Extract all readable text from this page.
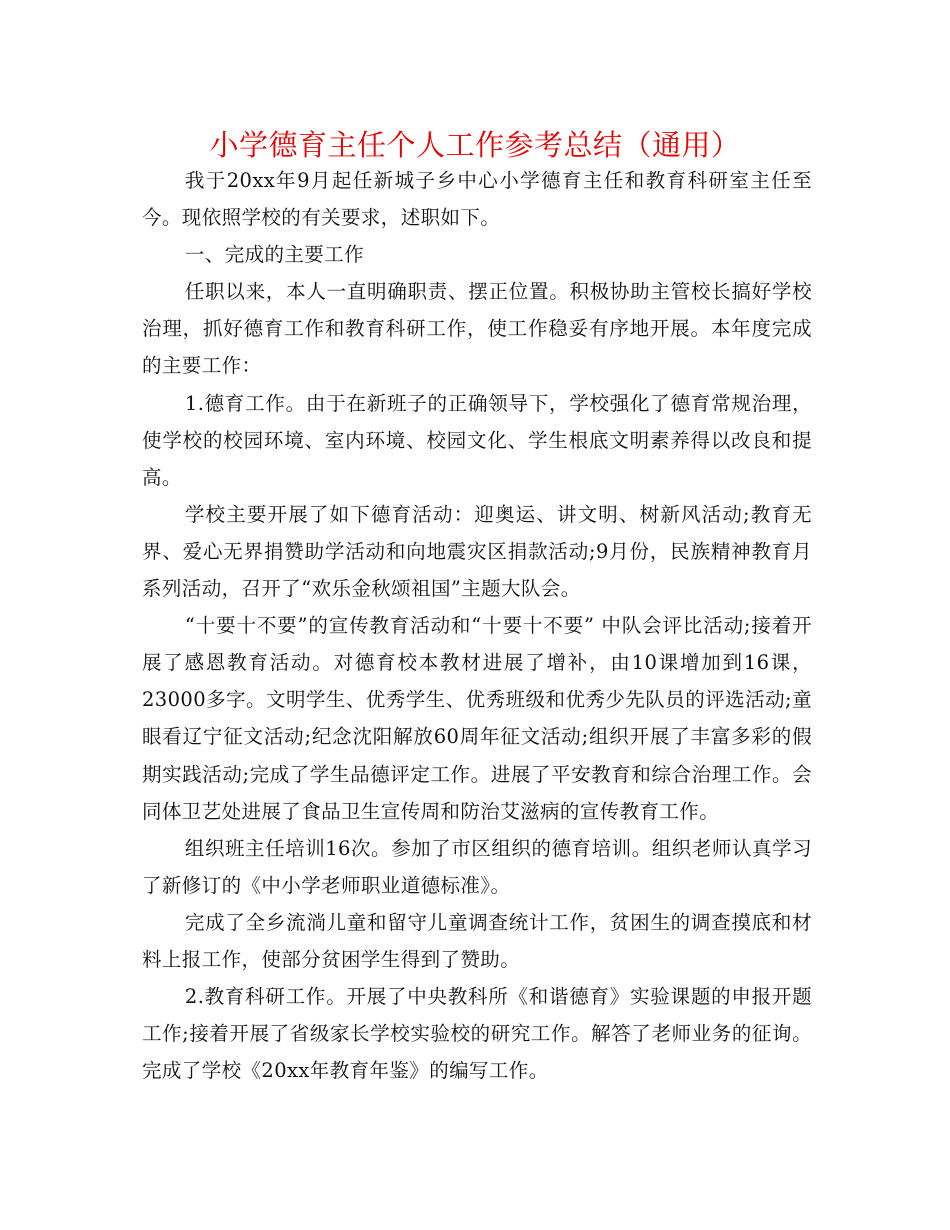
小学德育主任个人工作参考总结（通用）

我于20xx年9月起任新城子乡中心小学德育主任和教育科研室主任至今。现依照学校的有关要求，述职如下。

一、完成的主要工作

任职以来，本人一直明确职责、摆正位置。积极协助主管校长搞好学校治理，抓好德育工作和教育科研工作，使工作稳妥有序地开展。本年度完成的主要工作：

1.德育工作。由于在新班子的正确领导下，学校强化了德育常规治理，使学校的校园环境、室内环境、校园文化、学生根底文明素养得以改良和提高。

学校主要开展了如下德育活动：迎奥运、讲文明、树新风活动;教育无界、爱心无界捐赞助学活动和向地震灾区捐款活动;9月份，民族精神教育月系列活动，召开了“欢乐金秋颂祖国”主题大队会。

“十要十不要”的宣传教育活动和“十要十不要” 中队会评比活动;接着开展了感恩教育活动。对德育校本教材进展了增补，由10课增加到16课，23000多字。文明学生、优秀学生、优秀班级和优秀少先队员的评选活动;童眼看辽宁征文活动;纪念沈阳解放60周年征文活动;组织开展了丰富多彩的假期实践活动;完成了学生品德评定工作。进展了平安教育和综合治理工作。会同体卫艺处进展了食品卫生宣传周和防治艾滋病的宣传教育工作。

组织班主任培训16次。参加了市区组织的德育培训。组织老师认真学习了新修订的《中小学老师职业道德标准》。

完成了全乡流淌儿童和留守儿童调查统计工作，贫困生的调查摸底和材料上报工作，使部分贫困学生得到了赞助。

2.教育科研工作。开展了中央教科所《和谐德育》实验课题的申报开题工作;接着开展了省级家长学校实验校的研究工作。解答了老师业务的征询。完成了学校《20xx年教育年鉴》的编写工作。
